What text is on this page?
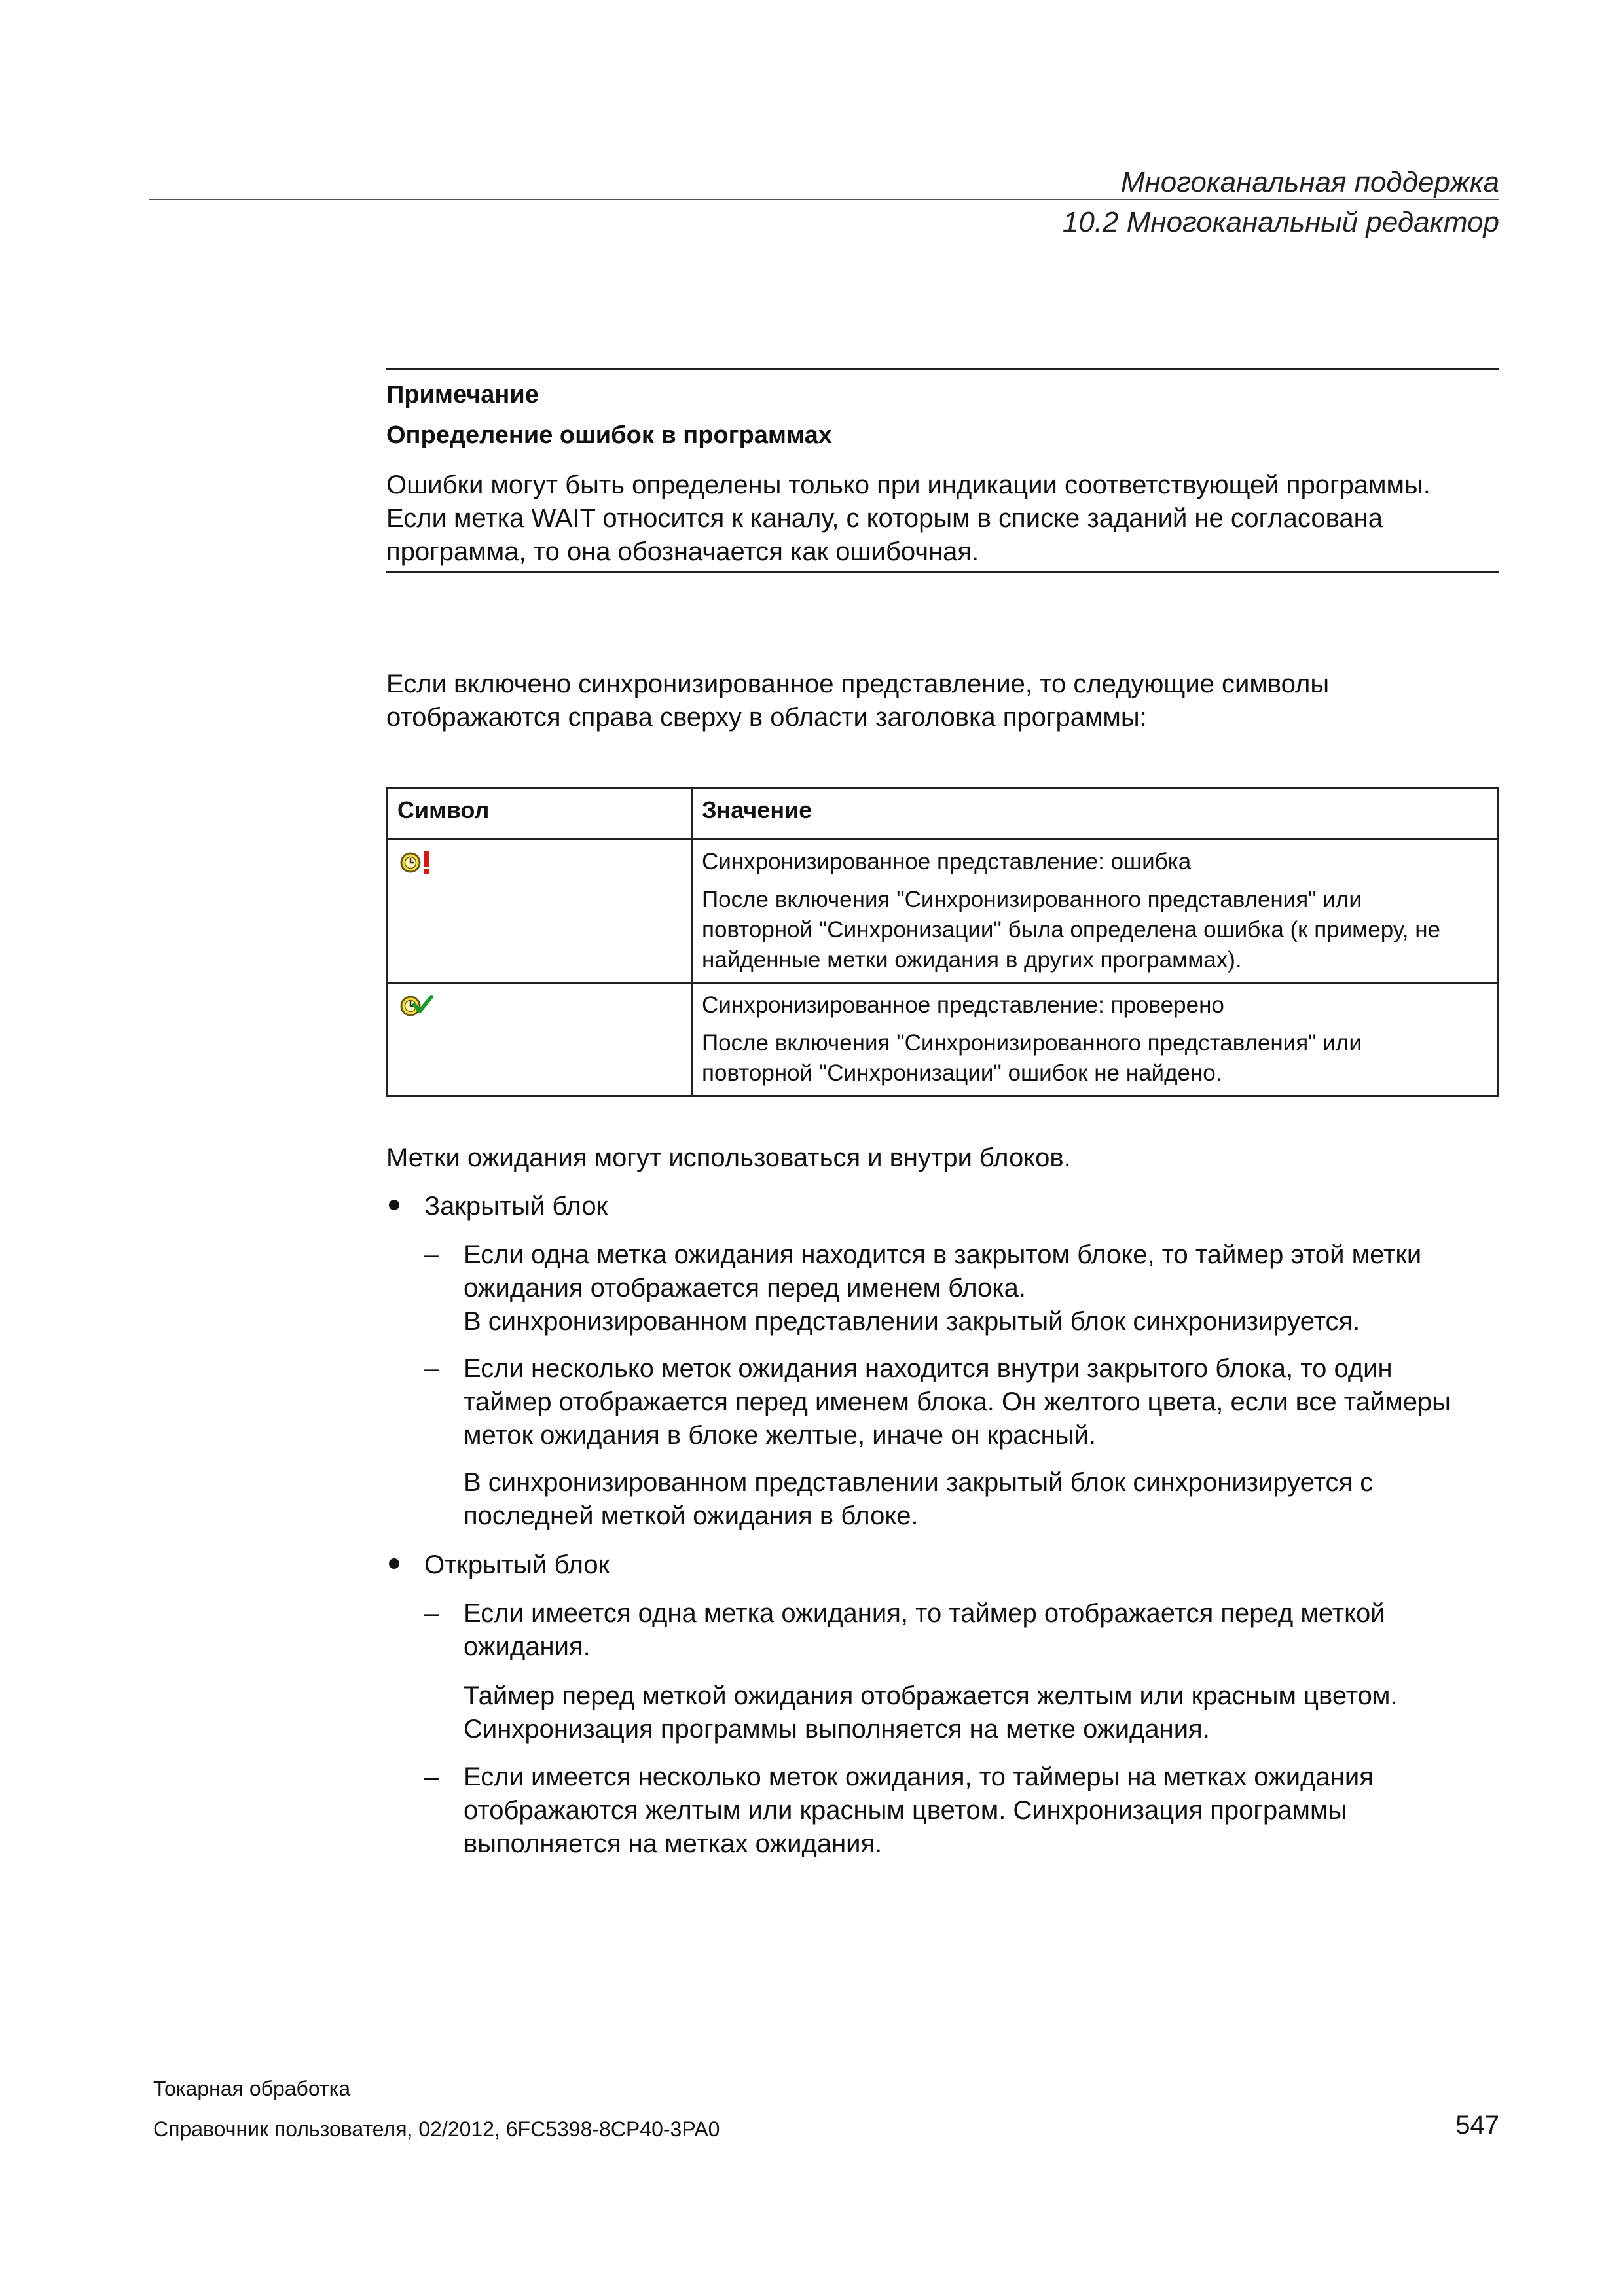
Многоканальная поддержка
10.2 Многоканальный редактор
Примечание
Определение ошибок в программах
Ошибки могут быть определены только при индикации соответствующей программы.
Если метка WAIT относится к каналу, с которым в списке заданий не согласована
программа, то она обозначается как ошибочная.
Если включено синхронизированное представление, то следующие символы
отображаются справа сверху в области заголовка программы:
Символ	Значение

Синхронизированное представление: ошибка
После включения "Синхронизированного представления" или
повторной "Синхронизации" была определена ошибка (к примеру, не
найденные метки ожидания в других программах).

Синхронизированное представление: проверено
После включения "Синхронизированного представления" или
повторной "Синхронизации" ошибок не найдено.
Метки ожидания могут использоваться и внутри блоков.
Закрытый блок
– Если одна метка ожидания находится в закрытом блоке, то таймер этой метки
ожидания отображается перед именем блока.
В синхронизированном представлении закрытый блок синхронизируется.
– Если несколько меток ожидания находится внутри закрытого блока, то один
таймер отображается перед именем блока. Он желтого цвета, если все таймеры
меток ожидания в блоке желтые, иначе он красный.
В синхронизированном представлении закрытый блок синхронизируется с
последней меткой ожидания в блоке.
Открытый блок
– Если имеется одна метка ожидания, то таймер отображается перед меткой
ожидания.
Таймер перед меткой ожидания отображается желтым или красным цветом.
Синхронизация программы выполняется на метке ожидания.
– Если имеется несколько меток ожидания, то таймеры на метках ожидания
отображаются желтым или красным цветом. Синхронизация программы
выполняется на метках ожидания.
Токарная обработка
Справочник пользователя, 02/2012, 6FC5398-8CP40-3PA0	547
